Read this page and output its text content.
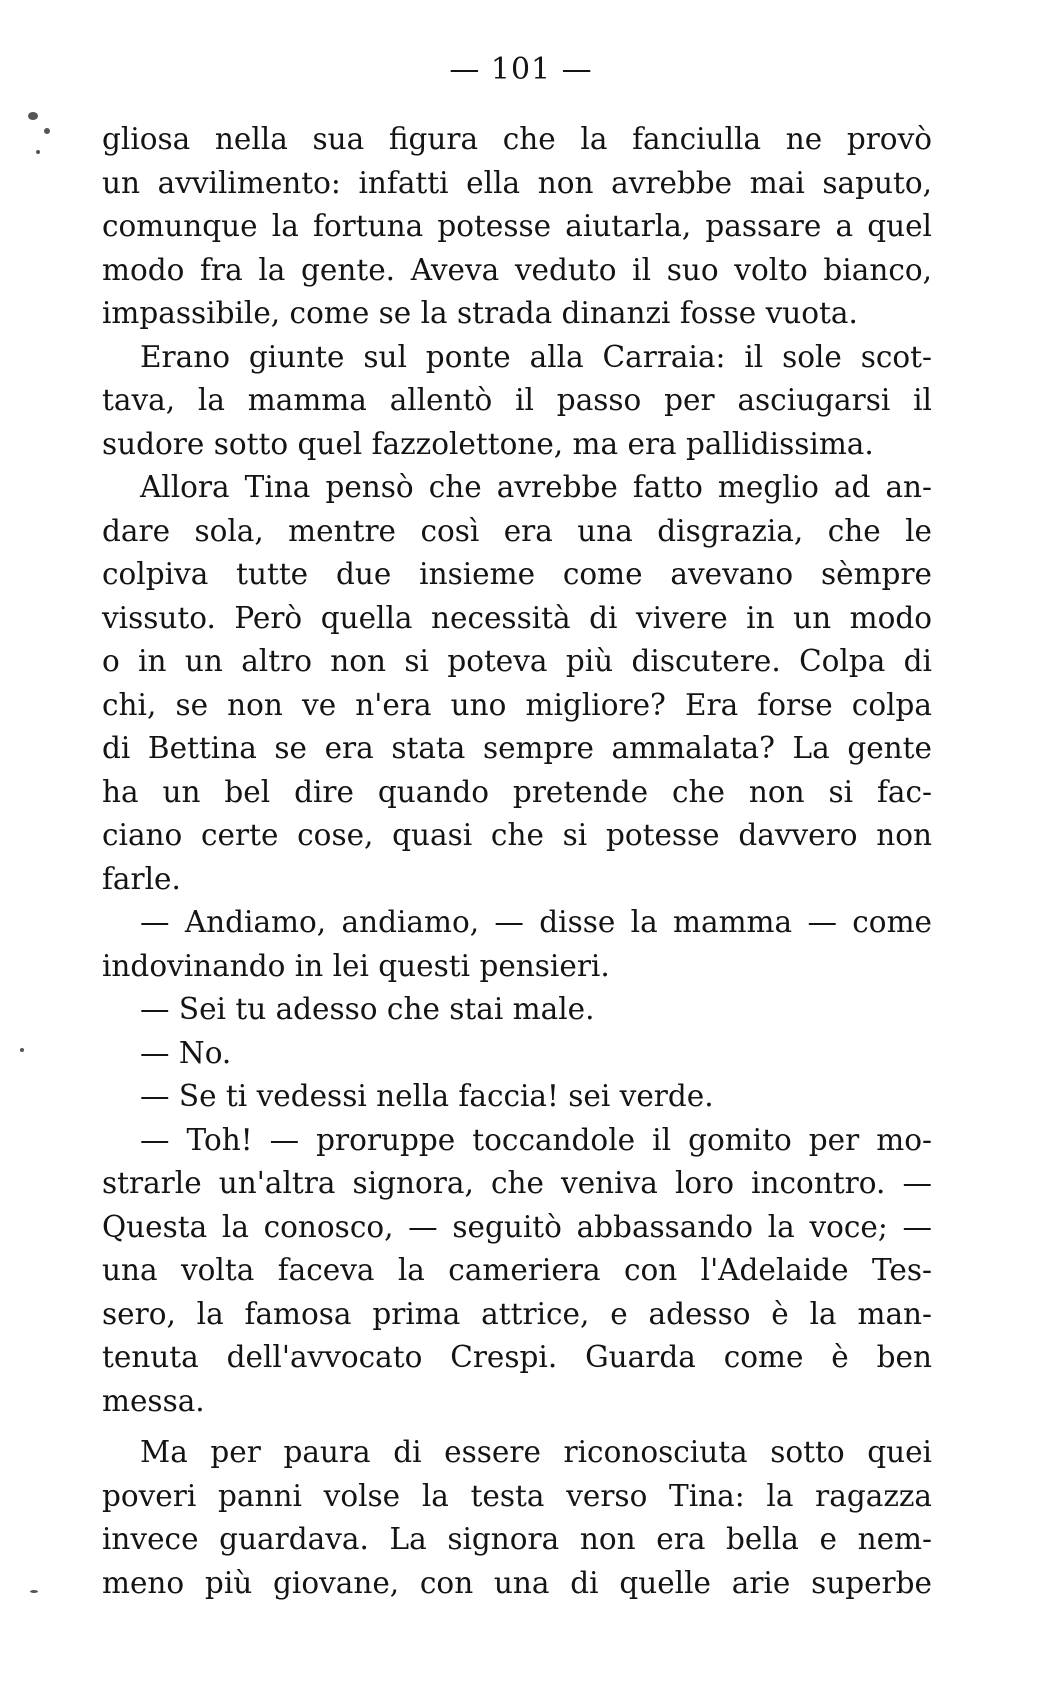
— 101 —
gliosa nella sua figura che la fanciulla ne provò
un avvilimento: infatti ella non avrebbe mai saputo,
comunque la fortuna potesse aiutarla, passare a quel
modo fra la gente. Aveva veduto il suo volto bianco,
impassibile, come se la strada dinanzi fosse vuota.
Erano giunte sul ponte alla Carraia: il sole scot-
tava, la mamma allentò il passo per asciugarsi il
sudore sotto quel fazzolettone, ma era pallidissima.
Allora Tina pensò che avrebbe fatto meglio ad an-
dare sola, mentre così era una disgrazia, che le
colpiva tutte due insieme come avevano sèmpre
vissuto. Però quella necessità di vivere in un modo
o in un altro non si poteva più discutere. Colpa di
chi, se non ve n'era uno migliore? Era forse colpa
di Bettina se era stata sempre ammalata? La gente
ha un bel dire quando pretende che non si fac-
ciano certe cose, quasi che si potesse davvero non
farle.
— Andiamo, andiamo, — disse la mamma — come
indovinando in lei questi pensieri.
— Sei tu adesso che stai male.
— No.
— Se ti vedessi nella faccia! sei verde.
— Toh! — proruppe toccandole il gomito per mo-
strarle un'altra signora, che veniva loro incontro. —
Questa la conosco, — seguitò abbassando la voce; —
una volta faceva la cameriera con l'Adelaide Tes-
sero, la famosa prima attrice, e adesso è la man-
tenuta dell'avvocato Crespi. Guarda come è ben
messa.
Ma per paura di essere riconosciuta sotto quei
poveri panni volse la testa verso Tina: la ragazza
invece guardava. La signora non era bella e nem-
meno più giovane, con una di quelle arie superbe
